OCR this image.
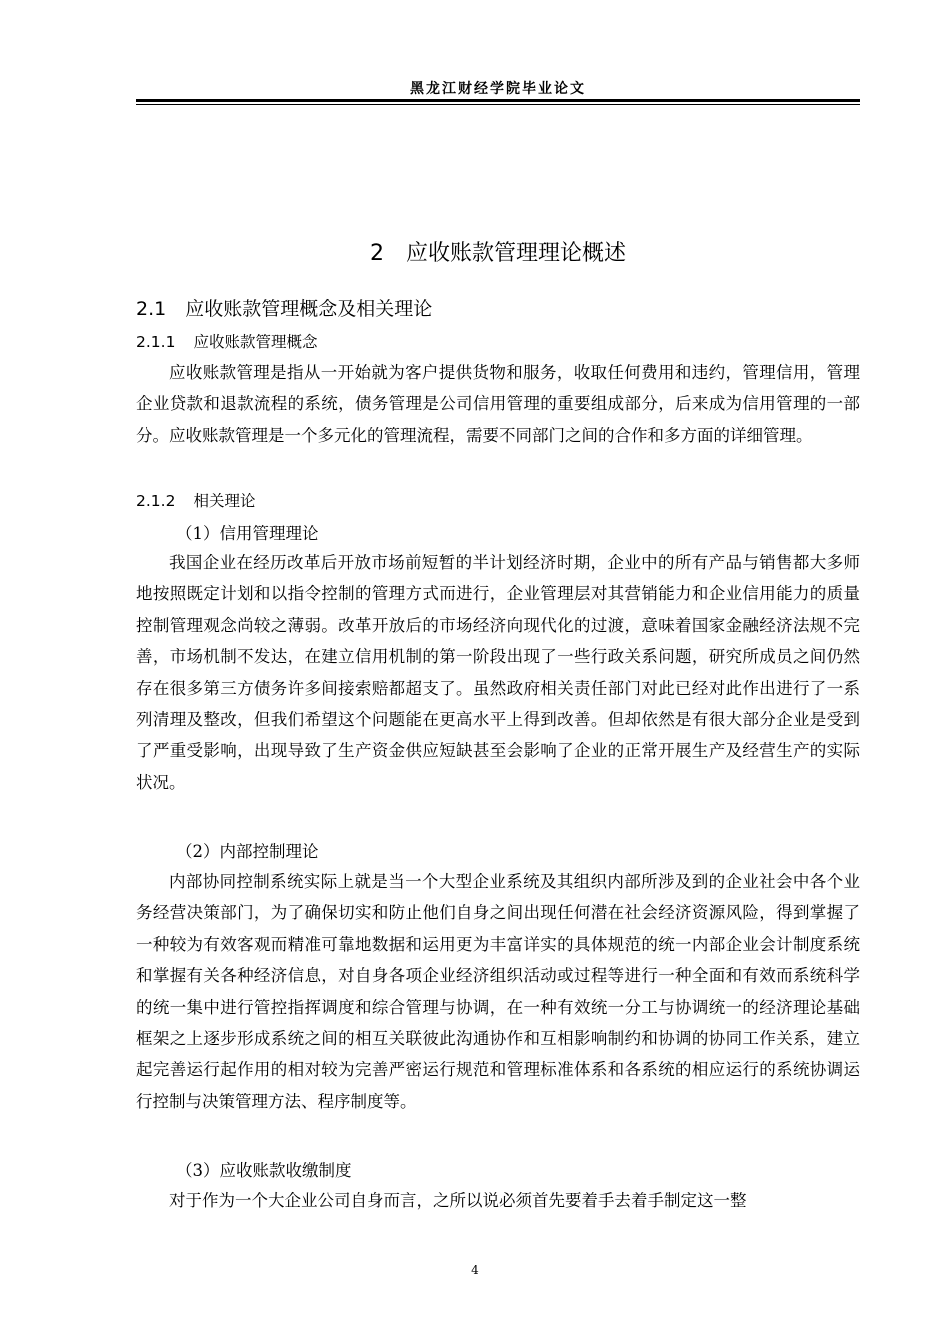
黑龙江财经学院毕业论文
2 应收账款管理理论概述
2.1　应收账款管理概念及相关理论
2.1.1 应收账款管理概念

应收账款管理是指从一开始就为客户提供货物和服务，收取任何费用和违约，管理信用，管理企业贷款和退款流程的系统，债务管理是公司信用管理的重要组成部分，后来成为信用管理的一部分。应收账款管理是一个多元化的管理流程，需要不同部门之间的合作和多方面的详细管理。

2.1.2 相关理论
（1）信用管理理论

我国企业在经历改革后开放市场前短暂的半计划经济时期，企业中的所有产品与销售都大多师地按照既定计划和以指令控制的管理方式而进行，企业管理层对其营销能力和企业信用能力的质量控制管理观念尚较之薄弱。改革开放后的市场经济向现代化的过渡，意味着国家金融经济法规不完善，市场机制不发达，在建立信用机制的第一阶段出现了一些行政关系问题，研究所成员之间仍然存在很多第三方债务许多间接索赔都超支了。虽然政府相关责任部门对此已经对此作出进行了一系列清理及整改，但我们希望这个问题能在更高水平上得到改善。但却依然是有很大部分企业是受到了严重受影响，出现导致了生产资金供应短缺甚至会影响了企业的正常开展生产及经营生产的实际状况。

（2）内部控制理论

内部协同控制系统实际上就是当一个大型企业系统及其组织内部所涉及到的企业社会中各个业务经营决策部门，为了确保切实和防止他们自身之间出现任何潜在社会经济资源风险，得到掌握了一种较为有效客观而精准可靠地数据和运用更为丰富详实的具体规范的统一内部企业会计制度系统和掌握有关各种经济信息，对自身各项企业经济组织活动或过程等进行一种全面和有效而系统科学的统一集中进行管控指挥调度和综合管理与协调，在一种有效统一分工与协调统一的经济理论基础框架之上逐步形成系统之间的相互关联彼此沟通协作和互相影响制约和协调的协同工作关系，建立起完善运行起作用的相对较为完善严密运行规范和管理标准体系和各系统的相应运行的系统协调运行控制与决策管理方法、程序制度等。

（3）应收账款收缴制度

对于作为一个大企业公司自身而言，之所以说必须首先要着手去着手制定这一整

4
